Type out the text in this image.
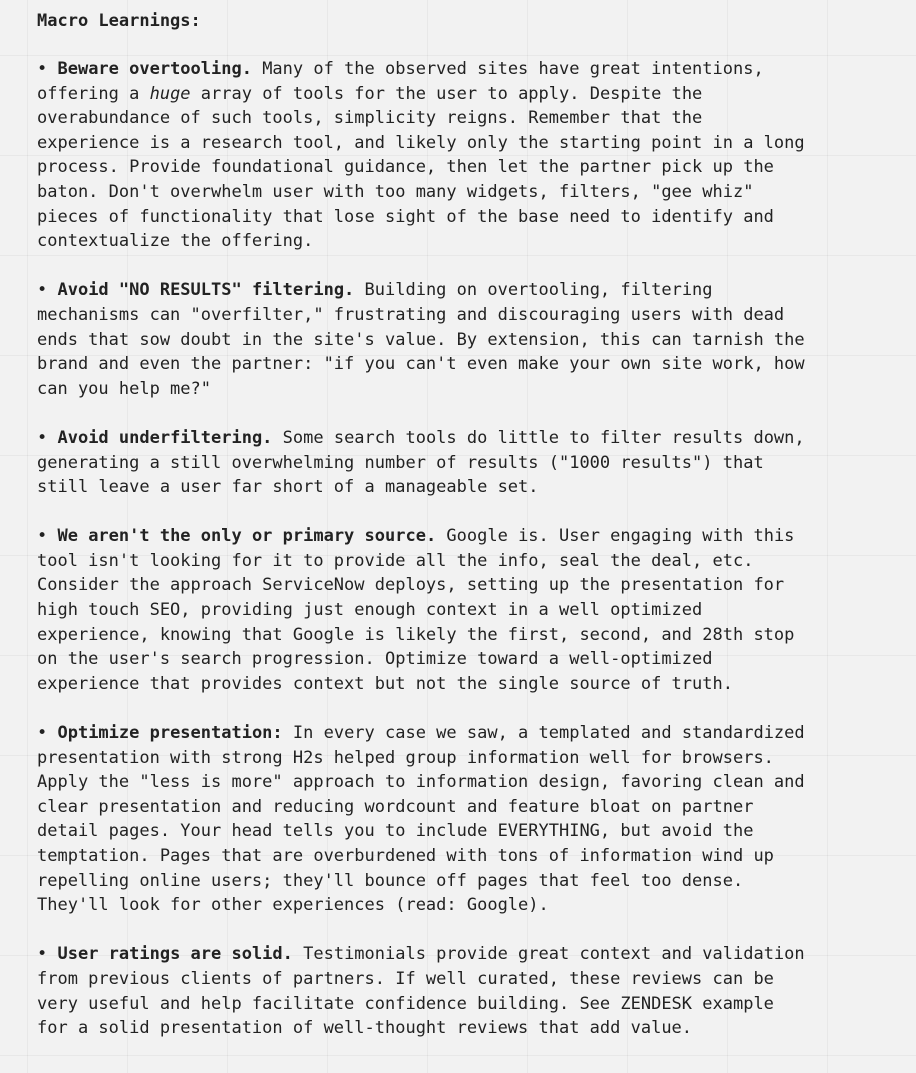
Macro Learnings:
• Beware overtooling. Many of the observed sites have great intentions,
offering a huge array of tools for the user to apply. Despite the
overabundance of such tools, simplicity reigns. Remember that the
experience is a research tool, and likely only the starting point in a long
process. Provide foundational guidance, then let the partner pick up the
baton. Don't overwhelm user with too many widgets, filters, "gee whiz"
pieces of functionality that lose sight of the base need to identify and
contextualize the offering.
• Avoid "NO RESULTS" filtering. Building on overtooling, filtering
mechanisms can "overfilter," frustrating and discouraging users with dead
ends that sow doubt in the site's value. By extension, this can tarnish the
brand and even the partner: "if you can't even make your own site work, how
can you help me?"
• Avoid underfiltering. Some search tools do little to filter results down,
generating a still overwhelming number of results ("1000 results") that
still leave a user far short of a manageable set.
• We aren't the only or primary source. Google is. User engaging with this
tool isn't looking for it to provide all the info, seal the deal, etc.
Consider the approach ServiceNow deploys, setting up the presentation for
high touch SEO, providing just enough context in a well optimized
experience, knowing that Google is likely the first, second, and 28th stop
on the user's search progression. Optimize toward a well-optimized
experience that provides context but not the single source of truth.
• Optimize presentation: In every case we saw, a templated and standardized
presentation with strong H2s helped group information well for browsers.
Apply the "less is more" approach to information design, favoring clean and
clear presentation and reducing wordcount and feature bloat on partner
detail pages. Your head tells you to include EVERYTHING, but avoid the
temptation. Pages that are overburdened with tons of information wind up
repelling online users; they'll bounce off pages that feel too dense.
They'll look for other experiences (read: Google).
• User ratings are solid. Testimonials provide great context and validation
from previous clients of partners. If well curated, these reviews can be
very useful and help facilitate confidence building. See ZENDESK example
for a solid presentation of well-thought reviews that add value.
